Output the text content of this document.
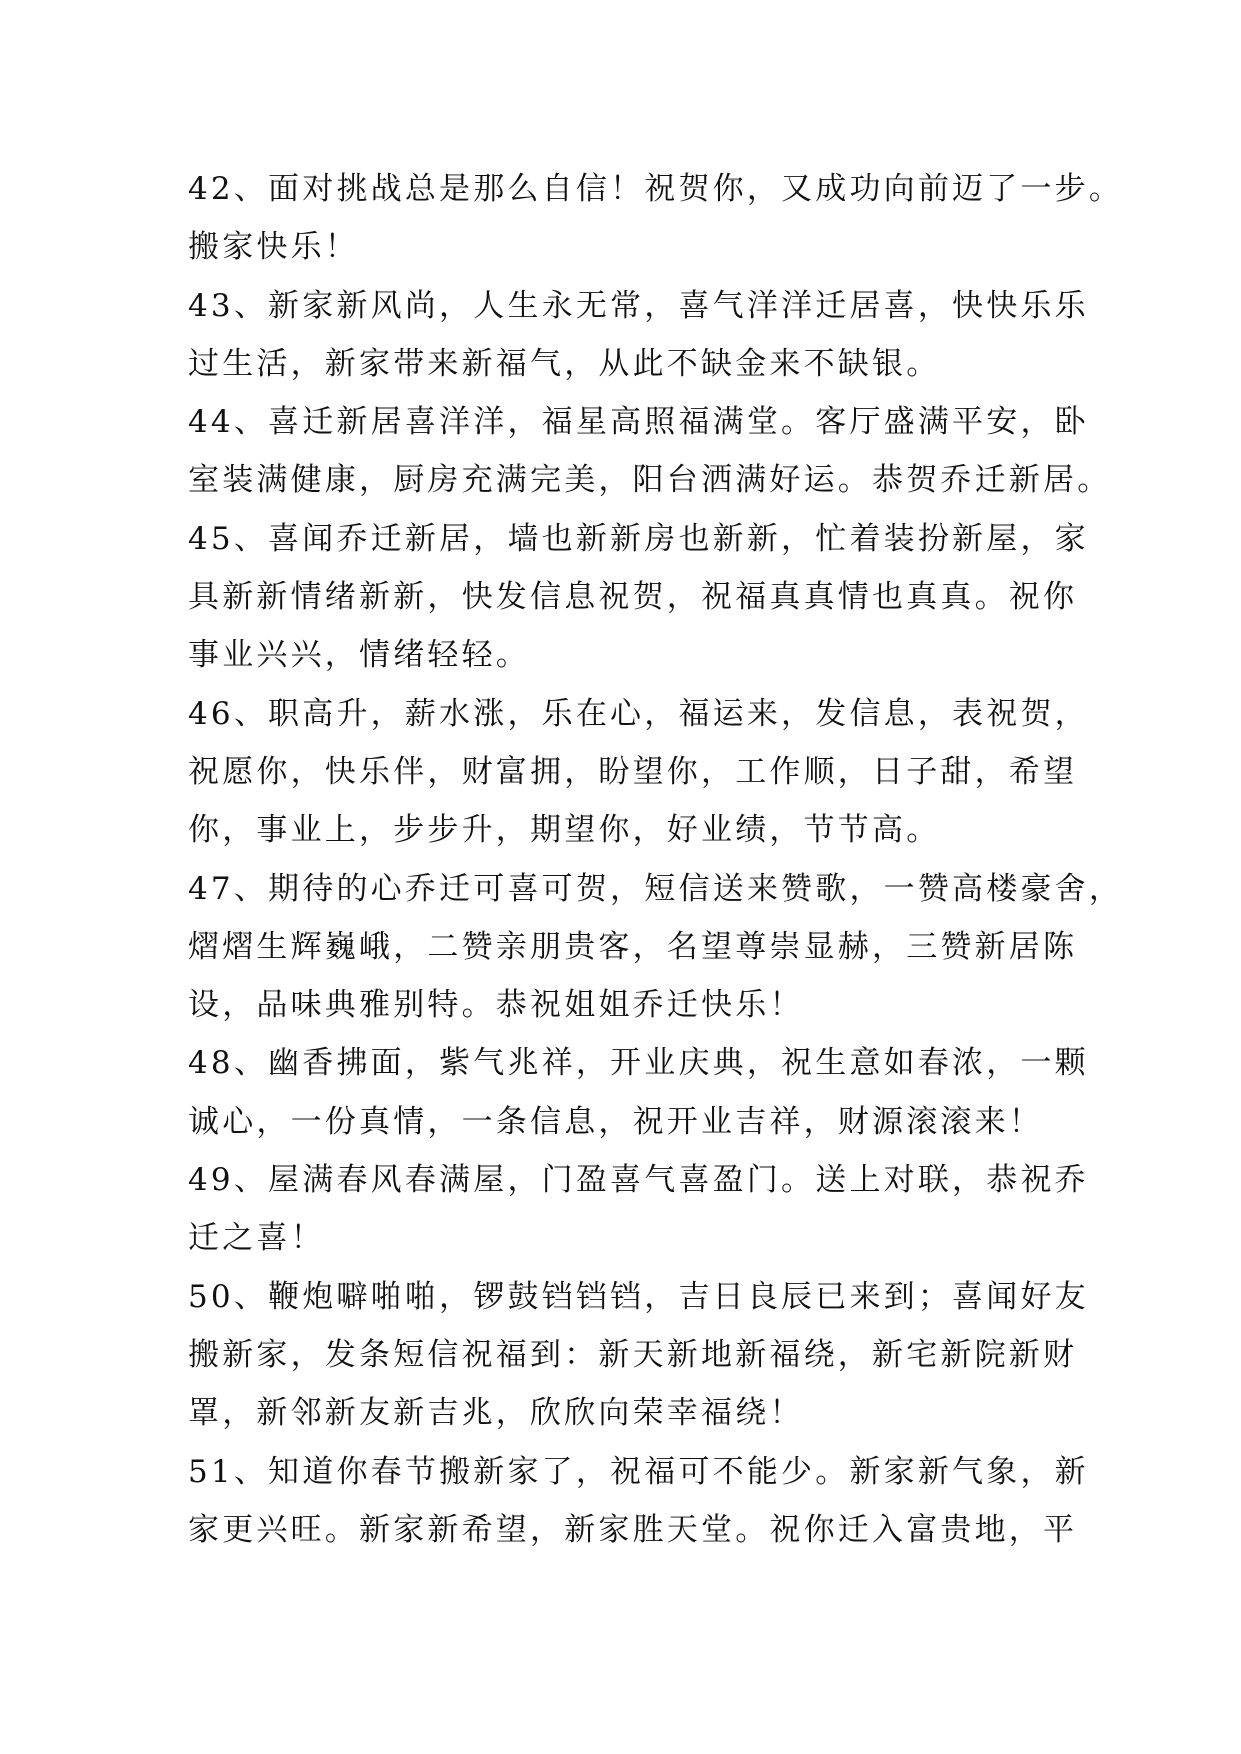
42、面对挑战总是那么自信！祝贺你，又成功向前迈了一步。
搬家快乐！
43、新家新风尚，人生永无常，喜气洋洋迁居喜，快快乐乐
过生活，新家带来新福气，从此不缺金来不缺银。
44、喜迁新居喜洋洋，福星高照福满堂。客厅盛满平安，卧
室装满健康，厨房充满完美，阳台洒满好运。恭贺乔迁新居。
45、喜闻乔迁新居，墙也新新房也新新，忙着装扮新屋，家
具新新情绪新新，快发信息祝贺，祝福真真情也真真。祝你
事业兴兴，情绪轻轻。
46、职高升，薪水涨，乐在心，福运来，发信息，表祝贺，
祝愿你，快乐伴，财富拥，盼望你，工作顺，日子甜，希望
你，事业上，步步升，期望你，好业绩，节节高。
47、期待的心乔迁可喜可贺，短信送来赞歌，一赞高楼豪舍，
熠熠生辉巍峨，二赞亲朋贵客，名望尊崇显赫，三赞新居陈
设，品味典雅别特。恭祝姐姐乔迁快乐！
48、幽香拂面，紫气兆祥，开业庆典，祝生意如春浓，一颗
诚心，一份真情，一条信息，祝开业吉祥，财源滚滚来！
49、屋满春风春满屋，门盈喜气喜盈门。送上对联，恭祝乔
迁之喜！
50、鞭炮噼啪啪，锣鼓铛铛铛，吉日良辰已来到；喜闻好友
搬新家，发条短信祝福到：新天新地新福绕，新宅新院新财
罩，新邻新友新吉兆，欣欣向荣幸福绕！
51、知道你春节搬新家了，祝福可不能少。新家新气象，新
家更兴旺。新家新希望，新家胜天堂。祝你迁入富贵地，平
